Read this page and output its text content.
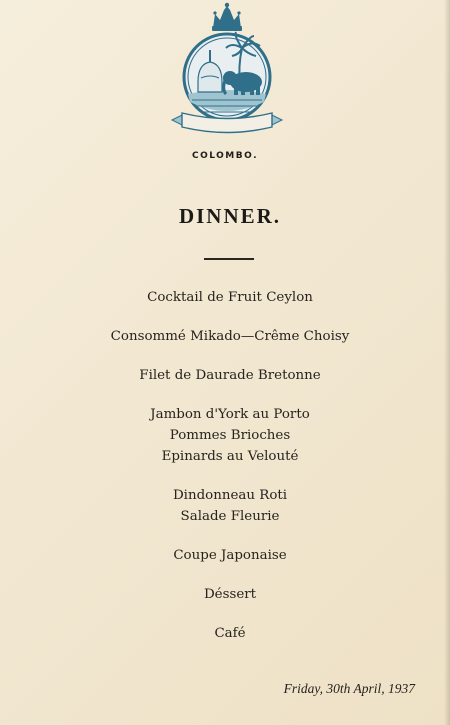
COLOMBO.
DINNER.
Cocktail de Fruit Ceylon
Consommé Mikado—Crême Choisy
Filet de Daurade Bretonne
Jambon d'York au Porto
Pommes Brioches
Epinards au Velouté
Dindonneau Roti
Salade Fleurie
Coupe Japonaise
Déssert
Café
Friday, 30th April, 1937
